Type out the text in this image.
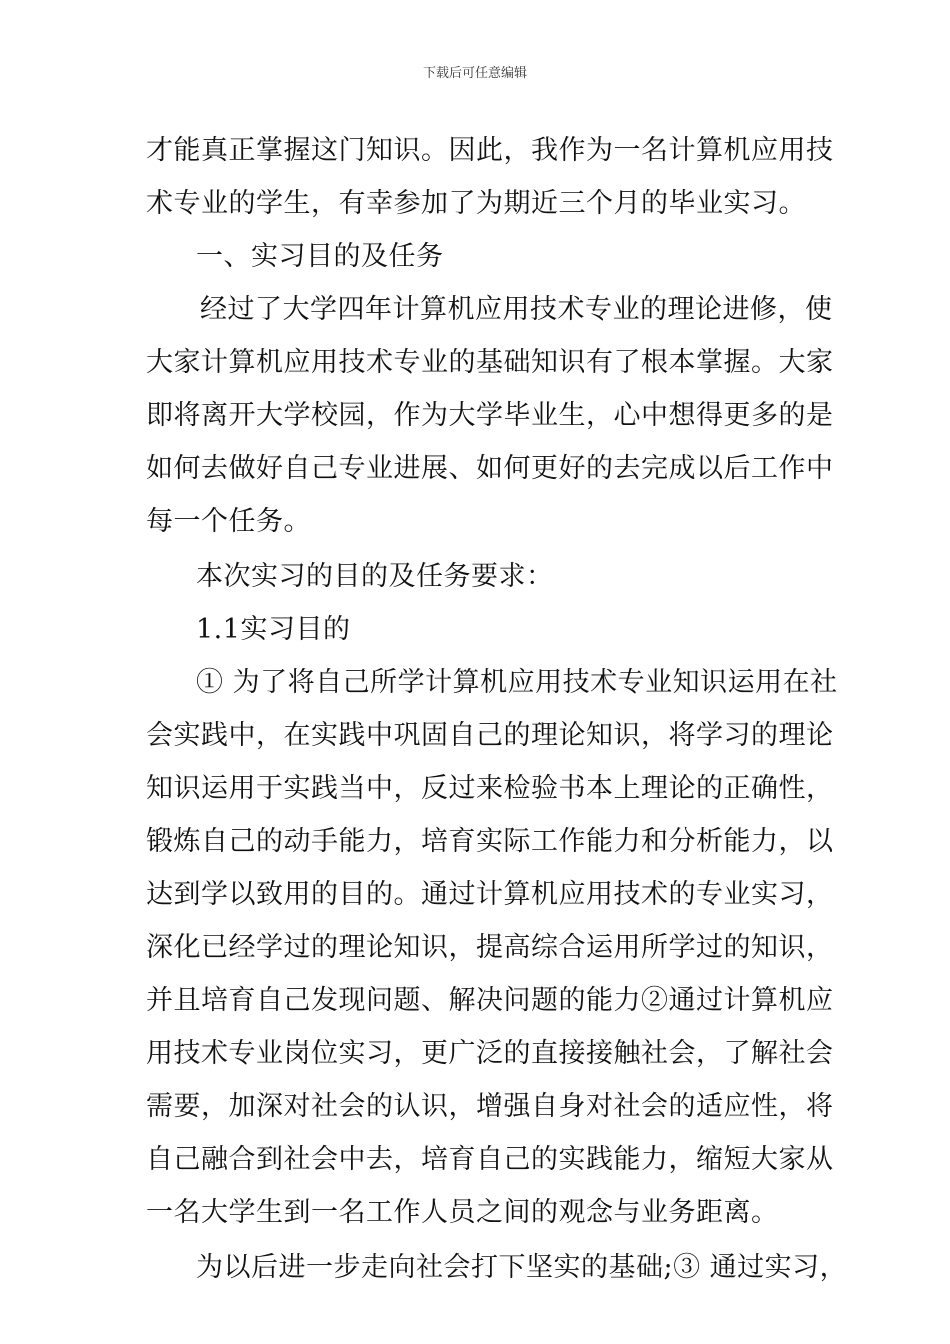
下载后可任意编辑
才能真正掌握这门知识。因此，我作为一名计算机应用技
术专业的学生，有幸参加了为期近三个月的毕业实习。
一、实习目的及任务
经过了大学四年计算机应用技术专业的理论进修，使
大家计算机应用技术专业的基础知识有了根本掌握。大家
即将离开大学校园，作为大学毕业生，心中想得更多的是
如何去做好自己专业进展、如何更好的去完成以后工作中
每一个任务。
本次实习的目的及任务要求：
1.1实习目的
① 为了将自己所学计算机应用技术专业知识运用在社
会实践中，在实践中巩固自己的理论知识，将学习的理论
知识运用于实践当中，反过来检验书本上理论的正确性，
锻炼自己的动手能力，培育实际工作能力和分析能力，以
达到学以致用的目的。通过计算机应用技术的专业实习，
深化已经学过的理论知识，提高综合运用所学过的知识，
并且培育自己发现问题、解决问题的能力②通过计算机应
用技术专业岗位实习，更广泛的直接接触社会，了解社会
需要，加深对社会的认识，增强自身对社会的适应性，将
自己融合到社会中去，培育自己的实践能力，缩短大家从
一名大学生到一名工作人员之间的观念与业务距离。
为以后进一步走向社会打下坚实的基础;③ 通过实习，
